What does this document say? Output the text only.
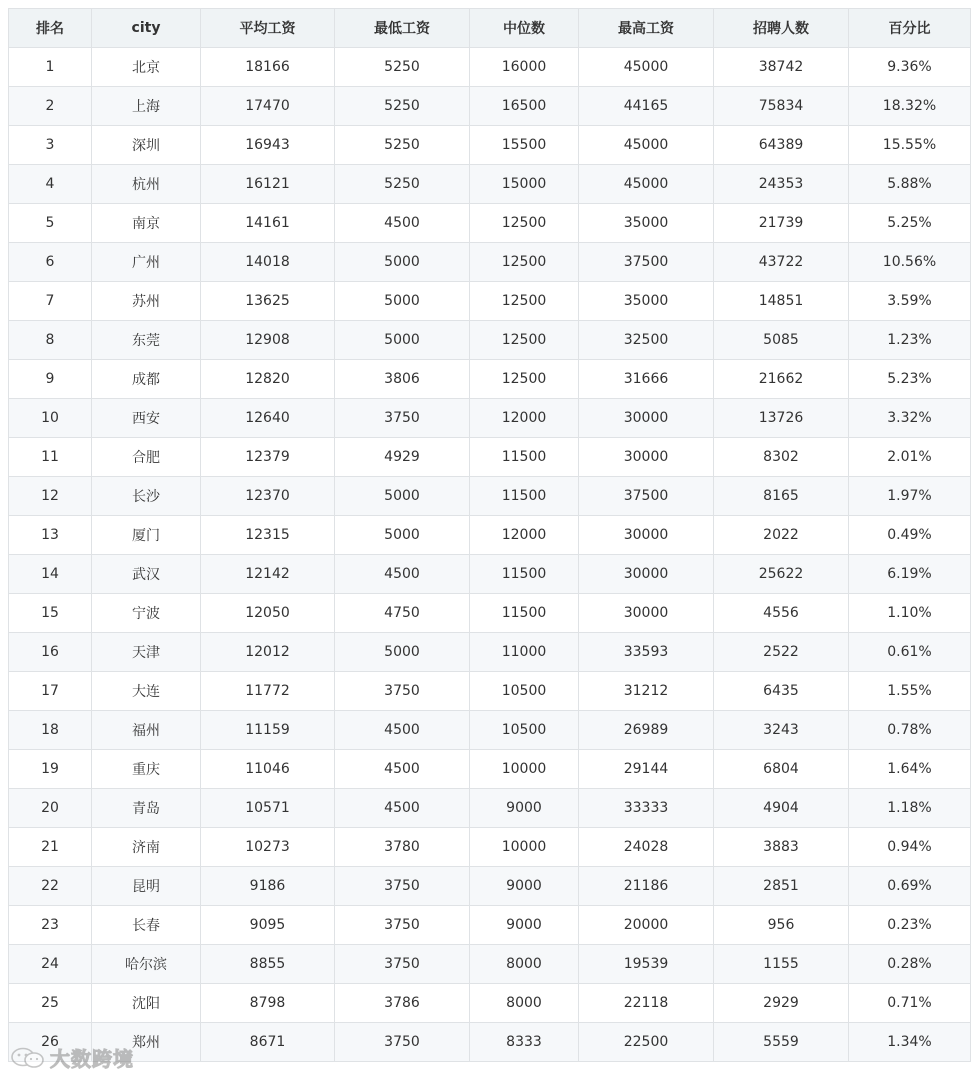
排名	city	平均工资	最低工资	中位数	最高工资	招聘人数	百分比
1	北京	18166	5250	16000	45000	38742	9.36%
2	上海	17470	5250	16500	44165	75834	18.32%
3	深圳	16943	5250	15500	45000	64389	15.55%
4	杭州	16121	5250	15000	45000	24353	5.88%
5	南京	14161	4500	12500	35000	21739	5.25%
6	广州	14018	5000	12500	37500	43722	10.56%
7	苏州	13625	5000	12500	35000	14851	3.59%
8	东莞	12908	5000	12500	32500	5085	1.23%
9	成都	12820	3806	12500	31666	21662	5.23%
10	西安	12640	3750	12000	30000	13726	3.32%
11	合肥	12379	4929	11500	30000	8302	2.01%
12	长沙	12370	5000	11500	37500	8165	1.97%
13	厦门	12315	5000	12000	30000	2022	0.49%
14	武汉	12142	4500	11500	30000	25622	6.19%
15	宁波	12050	4750	11500	30000	4556	1.10%
16	天津	12012	5000	11000	33593	2522	0.61%
17	大连	11772	3750	10500	31212	6435	1.55%
18	福州	11159	4500	10500	26989	3243	0.78%
19	重庆	11046	4500	10000	29144	6804	1.64%
20	青岛	10571	4500	9000	33333	4904	1.18%
21	济南	10273	3780	10000	24028	3883	0.94%
22	昆明	9186	3750	9000	21186	2851	0.69%
23	长春	9095	3750	9000	20000	956	0.23%
24	哈尔滨	8855	3750	8000	19539	1155	0.28%
25	沈阳	8798	3786	8000	22118	2929	0.71%
26	郑州	8671	3750	8333	22500	5559	1.34%
大数跨境
